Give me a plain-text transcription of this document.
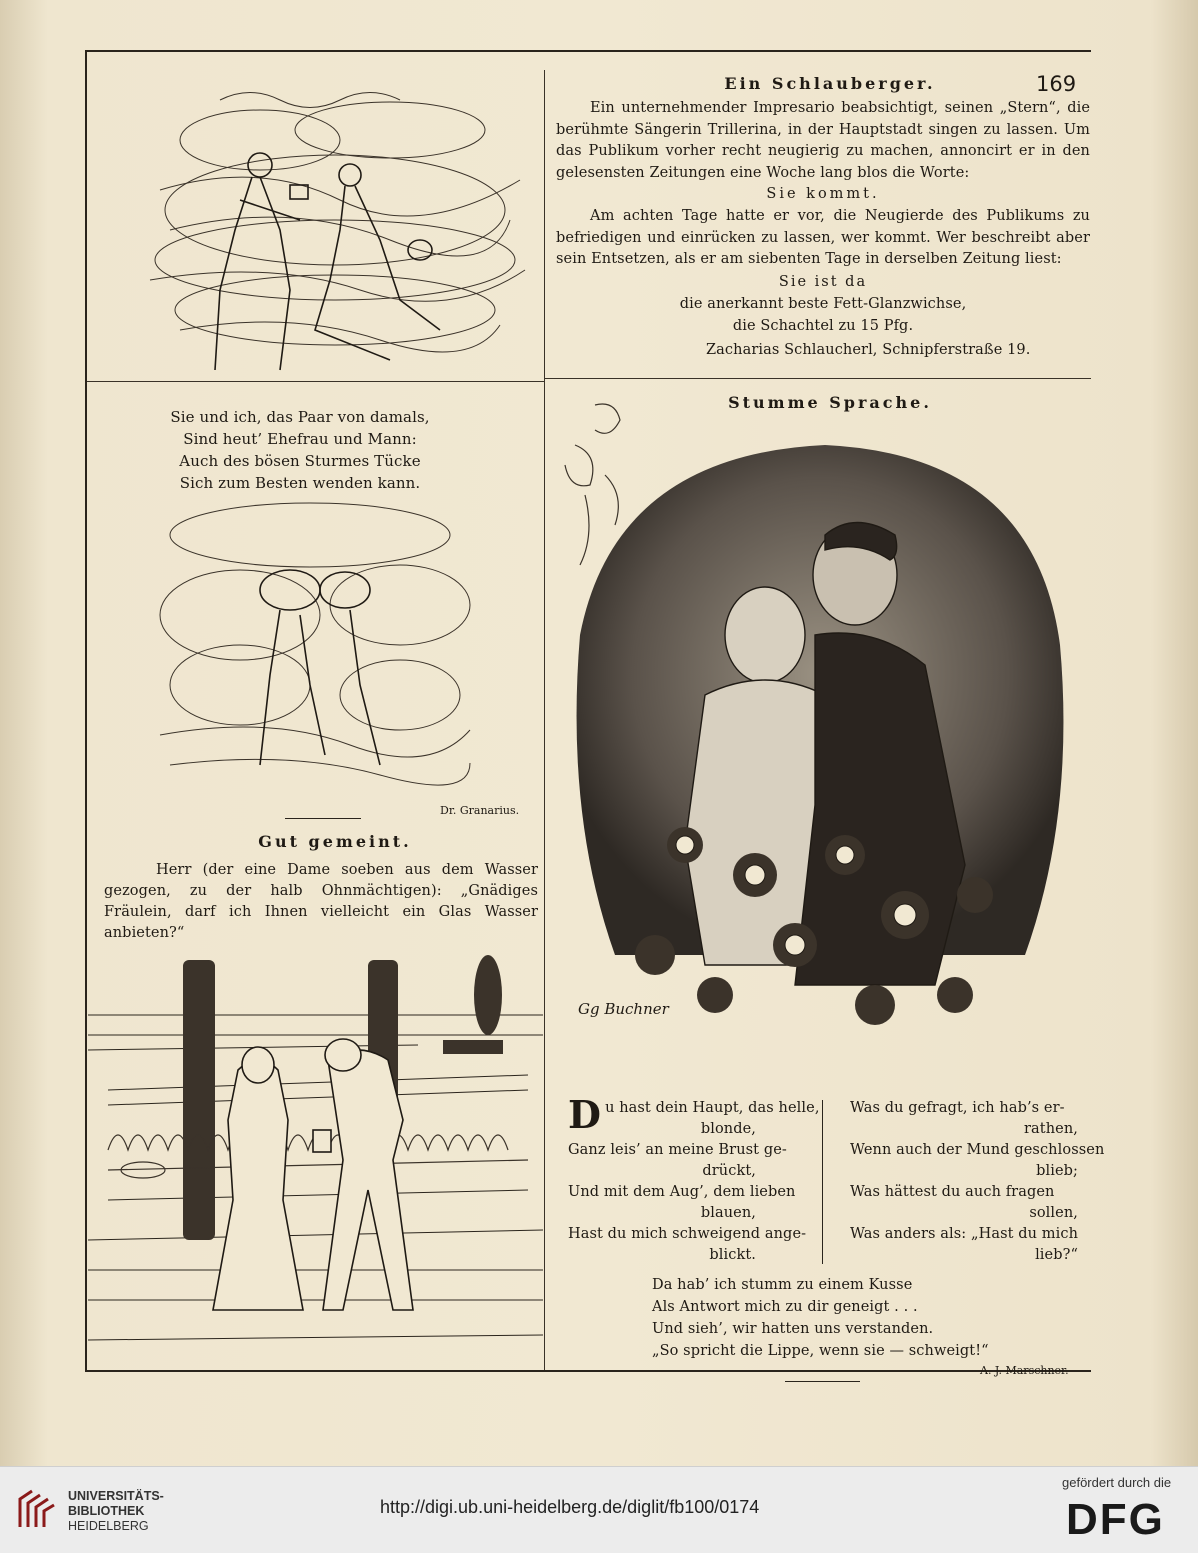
Sie und ich, das Paar von damals,
Sind heut’ Ehefrau und Mann:
Auch des bösen Sturmes Tücke
Sich zum Besten wenden kann.
Dr. Granarius.
Gut gemeint.
Herr (der eine Dame soeben aus dem Wasser gezogen, zu der halb Ohnmächtigen): „Gnädiges Fräulein, darf ich Ihnen vielleicht ein Glas Wasser anbieten?“
Ein Schlauberger.	169
Ein unternehmender Impresario beabsichtigt, seinen „Stern“, die berühmte Sängerin Trillerina, in der Hauptstadt singen zu lassen. Um das Publikum vorher recht neugierig zu machen, annoncirt er in den gelesensten Zeitungen eine Woche lang blos die Worte:
Sie kommt.
Am achten Tage hatte er vor, die Neugierde des Publikums zu befriedigen und einrücken zu lassen, wer kommt. Wer beschreibt aber sein Entsetzen, als er am siebenten Tage in derselben Zeitung liest:
Sie ist da
die anerkannt beste Fett-Glanzwichse,
die Schachtel zu 15 Pfg.
Zacharias Schlaucherl, Schnipferstraße 19.
Stumme Sprache.
Gg Buchner
D u hast dein Haupt, das helle,
blonde,
Ganz leis’ an meine Brust ge-
drückt,
Und mit dem Aug’, dem lieben
blauen,
Hast du mich schweigend ange-
blickt.
Was du gefragt, ich hab’s er-
rathen,
Wenn auch der Mund geschlossen
blieb;
Was hättest du auch fragen
sollen,
Was anders als: „Hast du mich
lieb?“
Da hab’ ich stumm zu einem Kusse
Als Antwort mich zu dir geneigt . . .
Und sieh’, wir hatten uns verstanden.
„So spricht die Lippe, wenn sie — schweigt!“
A. J. Marschner.
UNIVERSITÄTS-
BIBLIOTHEK
HEIDELBERG
http://digi.ub.uni-heidelberg.de/diglit/fb100/0174
gefördert durch die
DFG
